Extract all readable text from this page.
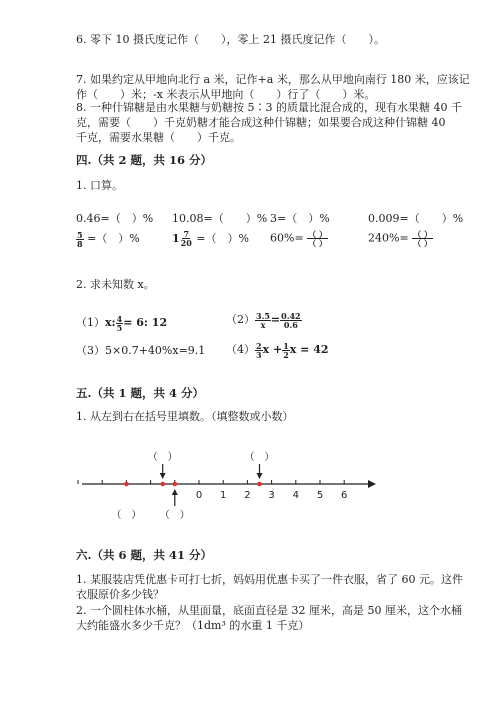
6. 零下 10 摄氏度记作（　　），零上 21 摄氏度记作（　　）。
7. 如果约定从甲地向北行 a 米，记作+a 米，那么从甲地向南行 180 米，应该记
作（　　）米；-x 米表示从甲地向（　　）行了（　　）米。
8. 一种什锦糖是由水果糖与奶糖按 5∶3 的质量比混合成的，现有水果糖 40 千
克，需要（　　）千克奶糖才能合成这种什锦糖；如果要合成这种什锦糖 40
千克，需要水果糖（　　）千克。
四.（共 2 题，共 16 分）
1. 口算。
0.46=（　）% 10.08=（　　）% 3=（　）%	0.009=（　　）%
$\frac{5}{8}$ =（　）%	$1 \frac{7}{20}$ =（　）% $60\%= \frac{( )}{( )}$	$240\%= \frac{( )}{( )}$
2. 求未知数 x。
（1）x: $\frac{4}{5} = 6$: 12	$(2) \frac{3.5}{x} = \frac{0.42}{0.6}$
（3）5×0.7+40%x=9.1 $(4) \frac{2}{3}$ $x + \frac{1}{2}$ x = 42
五.（共 1 题，共 4 分）
1. 从左到右在括号里填数。（填整数或小数）
0 1 2 3 4 5 6
（　）
（　）
（　）
（　）
六.（共 6 题，共 41 分）
1. 某服装店凭优惠卡可打七折，妈妈用优惠卡买了一件衣服，省了 60 元。这件
衣服原价多少钱？
2. 一个圆柱体水桶，从里面量，底面直径是 32 厘米，高是 50 厘米，这个水桶
大约能盛水多少千克？（1dm³ 的水重 1 千克）
